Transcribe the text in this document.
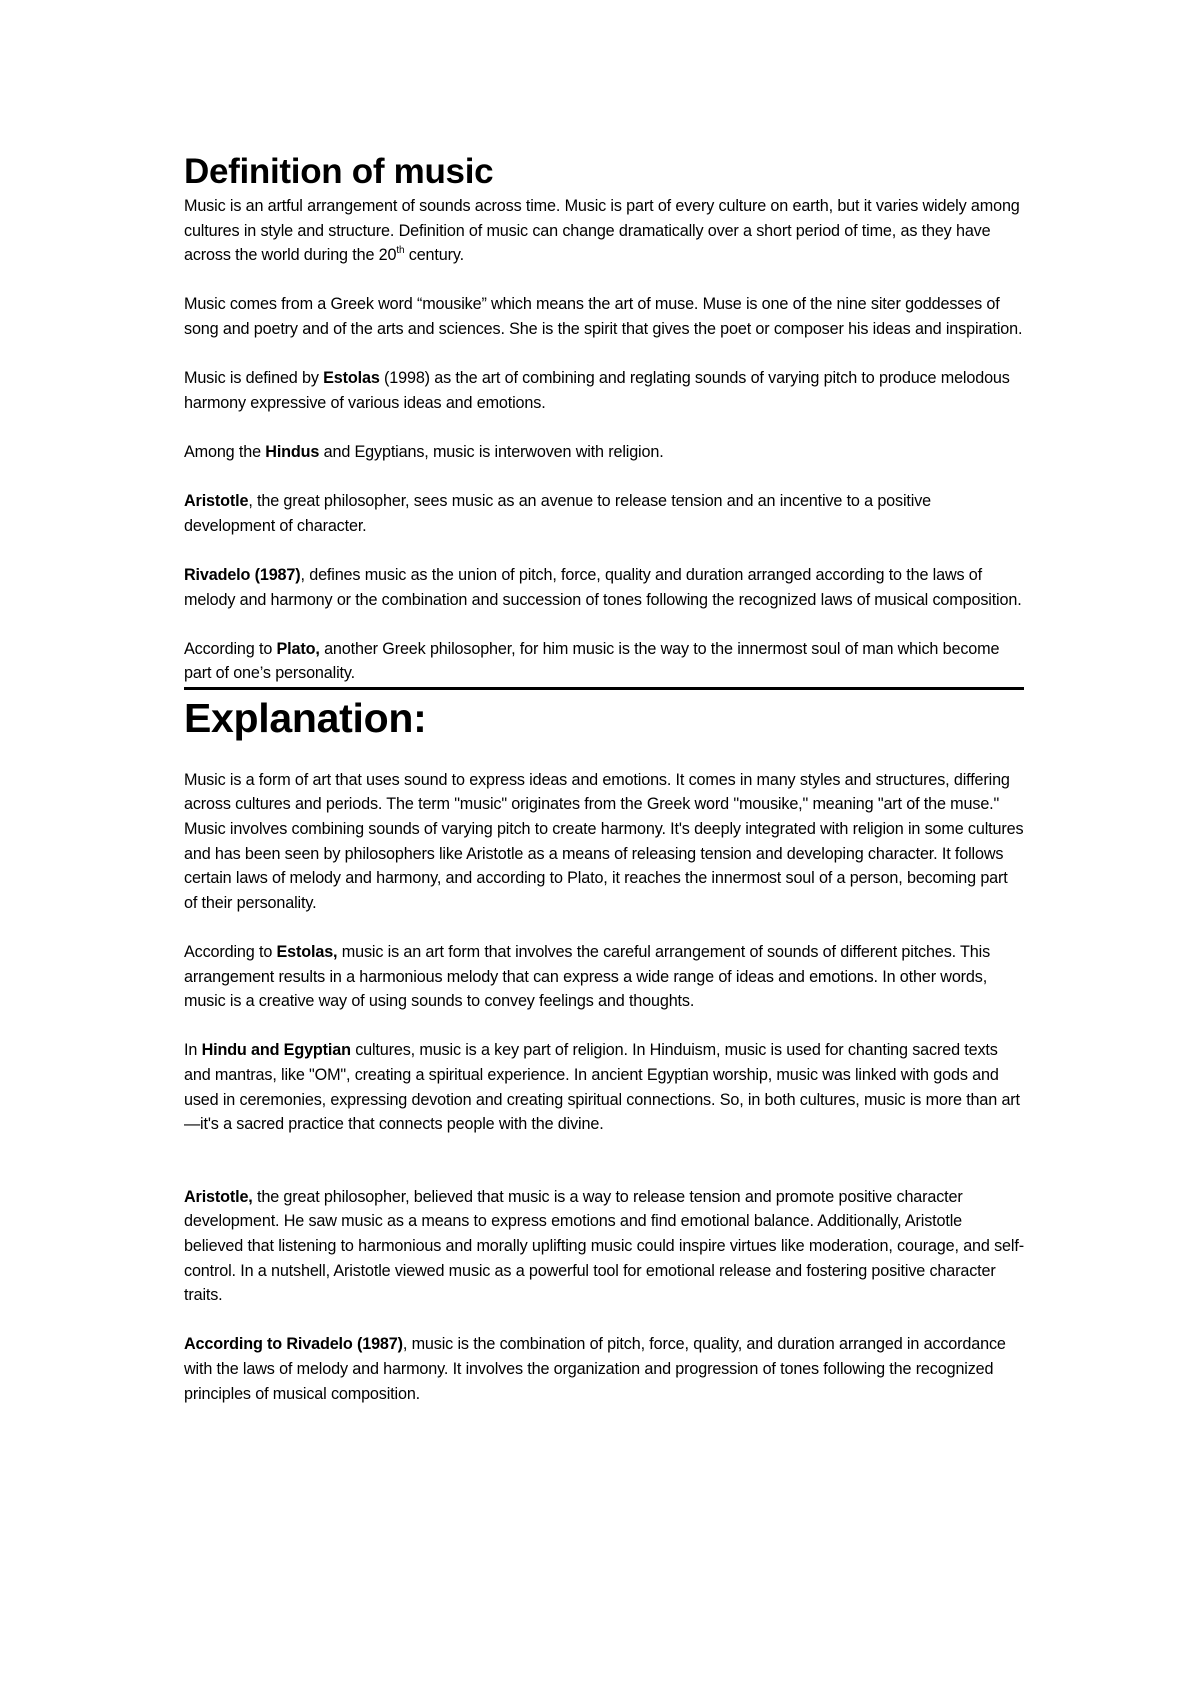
Definition of music

Music is an artful arrangement of sounds across time. Music is part of every culture on earth, but it varies widely among cultures in style and structure. Definition of music can change dramatically over a short period of time, as they have across the world during the 20th century.

Music comes from a Greek word “mousike” which means the art of muse. Muse is one of the nine siter goddesses of song and poetry and of the arts and sciences. She is the spirit that gives the poet or composer his ideas and inspiration.

Music is defined by Estolas (1998) as the art of combining and reglating sounds of varying pitch to produce melodous harmony expressive of various ideas and emotions.

Among the Hindus and Egyptians, music is interwoven with religion.

Aristotle, the great philosopher, sees music as an avenue to release tension and an incentive to a positive development of character.

Rivadelo (1987), defines music as the union of pitch, force, quality and duration arranged according to the laws of melody and harmony or the combination and succession of tones following the recognized laws of musical composition.

According to Plato, another Greek philosopher, for him music is the way to the innermost soul of man which become part of one’s personality.

Explanation:

Music is a form of art that uses sound to express ideas and emotions. It comes in many styles and structures, differing across cultures and periods. The term "music" originates from the Greek word "mousike," meaning "art of the muse." Music involves combining sounds of varying pitch to create harmony. It's deeply integrated with religion in some cultures and has been seen by philosophers like Aristotle as a means of releasing tension and developing character. It follows certain laws of melody and harmony, and according to Plato, it reaches the innermost soul of a person, becoming part of their personality.

According to Estolas, music is an art form that involves the careful arrangement of sounds of different pitches. This arrangement results in a harmonious melody that can express a wide range of ideas and emotions. In other words, music is a creative way of using sounds to convey feelings and thoughts.

In Hindu and Egyptian cultures, music is a key part of religion. In Hinduism, music is used for chanting sacred texts and mantras, like "OM", creating a spiritual experience. In ancient Egyptian worship, music was linked with gods and used in ceremonies, expressing devotion and creating spiritual connections. So, in both cultures, music is more than art—it's a sacred practice that connects people with the divine.

Aristotle, the great philosopher, believed that music is a way to release tension and promote positive character development. He saw music as a means to express emotions and find emotional balance. Additionally, Aristotle believed that listening to harmonious and morally uplifting music could inspire virtues like moderation, courage, and self-control. In a nutshell, Aristotle viewed music as a powerful tool for emotional release and fostering positive character traits.

According to Rivadelo (1987), music is the combination of pitch, force, quality, and duration arranged in accordance with the laws of melody and harmony. It involves the organization and progression of tones following the recognized principles of musical composition.
